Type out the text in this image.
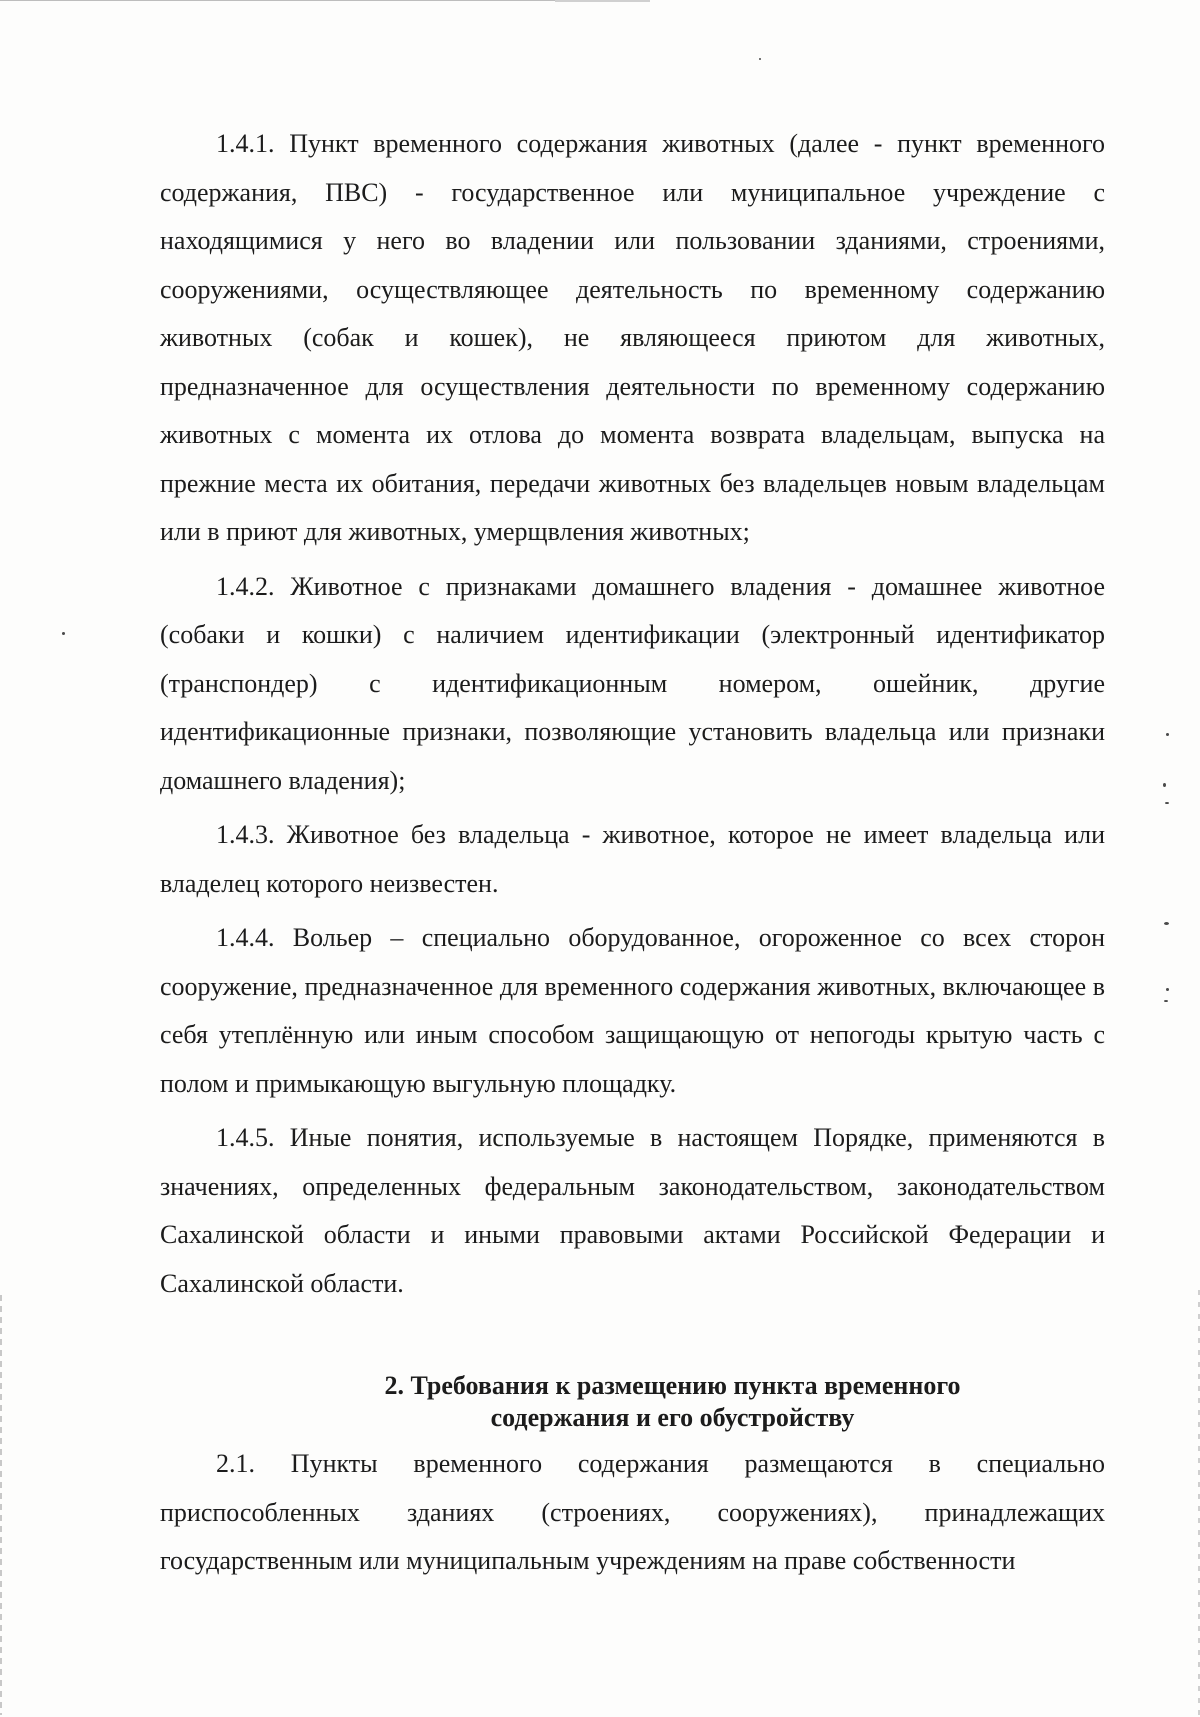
1.4.1. Пункт временного содержания животных (далее - пункт временного содержания, ПВС) - государственное или муниципальное учреждение с находящимися у него во владении или пользовании зданиями, строениями, сооружениями, осуществляющее деятельность по временному содержанию животных (собак и кошек), не являющееся приютом для животных, предназначенное для осуществления деятельности по временному содержанию животных с момента их отлова до момента возврата владельцам, выпуска на прежние места их обитания, передачи животных без владельцев новым владельцам или в приют для животных, умерщвления животных;

1.4.2. Животное с признаками домашнего владения - домашнее животное (собаки и кошки) с наличием идентификации (электронный идентификатор (транспондер) с идентификационным номером, ошейник, другие идентификационные признаки, позволяющие установить владельца или признаки домашнего владения);

1.4.3. Животное без владельца - животное, которое не имеет владельца или владелец которого неизвестен.

1.4.4. Вольер – специально оборудованное, огороженное со всех сторон сооружение, предназначенное для временного содержания животных, включающее в себя утеплённую или иным способом защищающую от непогоды крытую часть с полом и примыкающую выгульную площадку.

1.4.5. Иные понятия, используемые в настоящем Порядке, применяются в значениях, определенных федеральным законодательством, законодательством Сахалинской области и иными правовыми актами Российской Федерации и Сахалинской области.

2. Требования к размещению пункта временного
содержания и его обустройству

2.1. Пункты временного содержания размещаются в специально приспособленных зданиях (строениях, сооружениях), принадлежащих государственным или муниципальным учреждениям на праве собственности
